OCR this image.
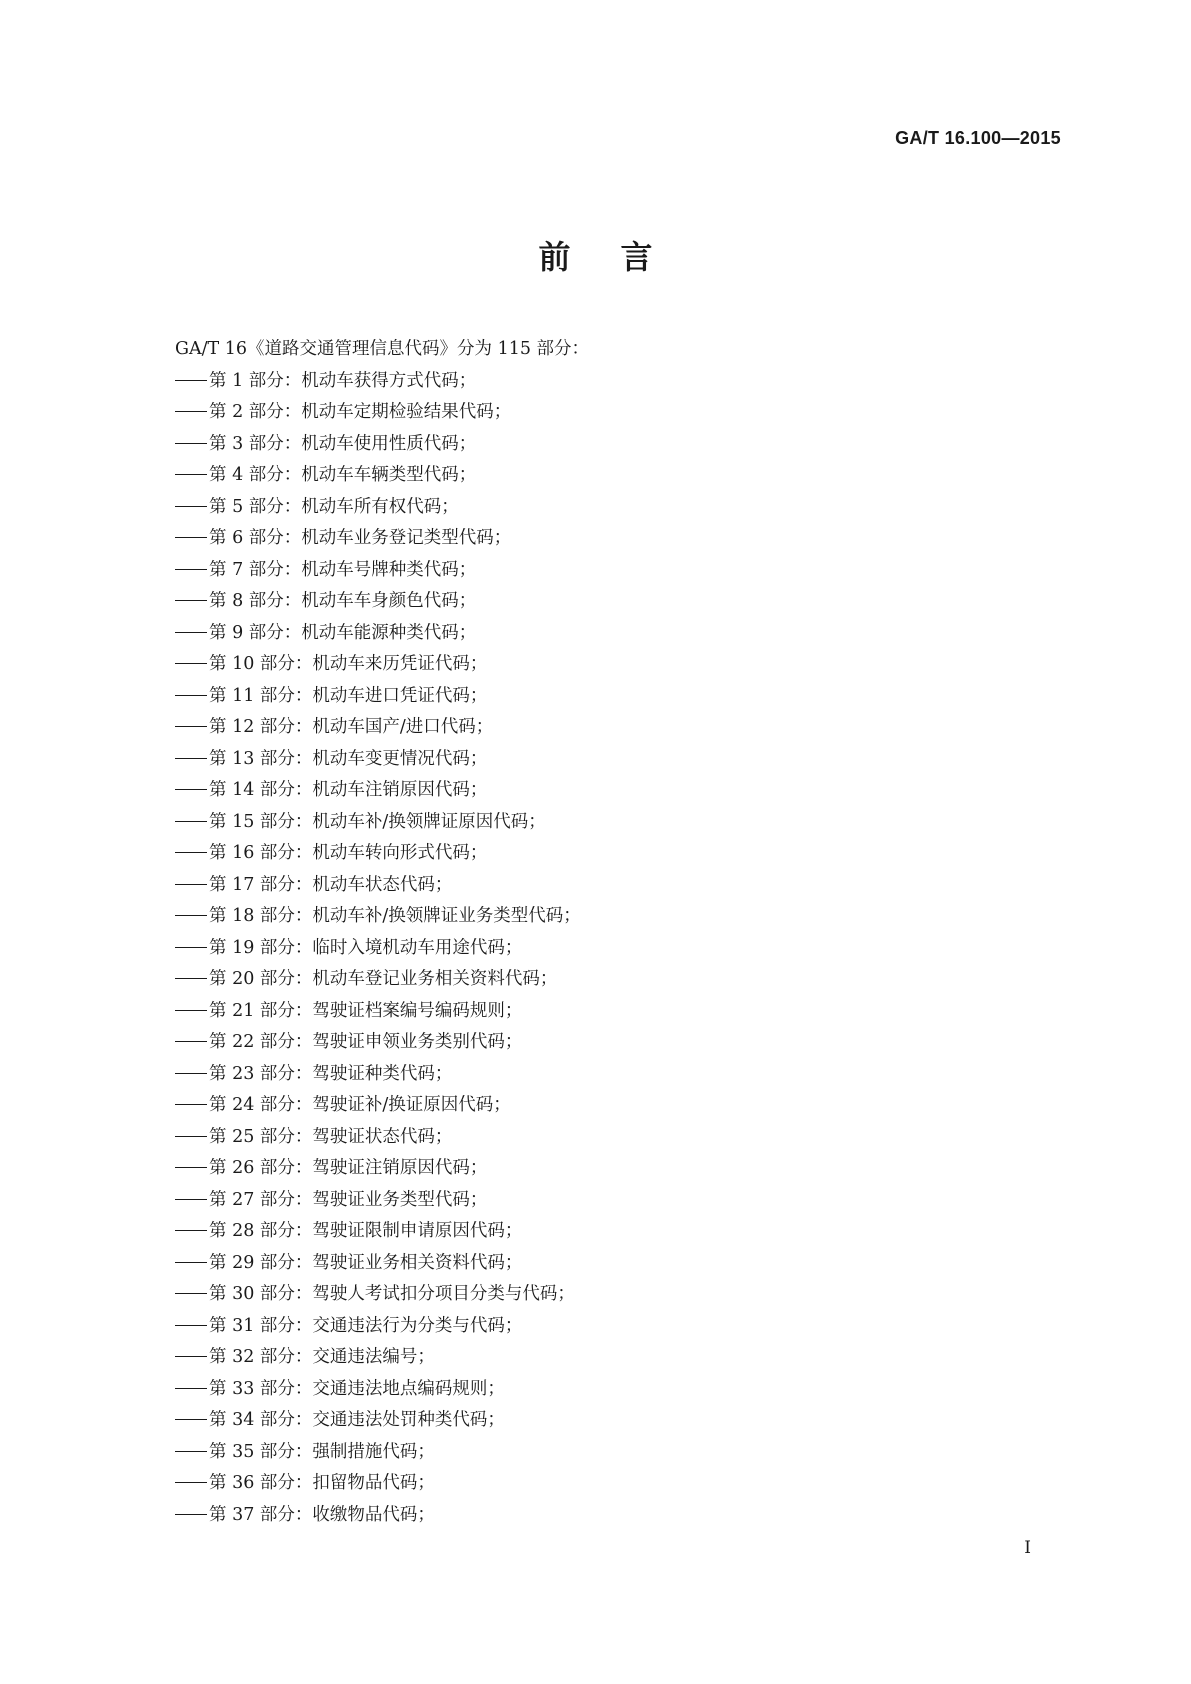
GA/T 16.100—2015
前言
GA/T 16《道路交通管理信息代码》分为 115 部分：
第 1 部分：机动车获得方式代码；
第 2 部分：机动车定期检验结果代码；
第 3 部分：机动车使用性质代码；
第 4 部分：机动车车辆类型代码；
第 5 部分：机动车所有权代码；
第 6 部分：机动车业务登记类型代码；
第 7 部分：机动车号牌种类代码；
第 8 部分：机动车车身颜色代码；
第 9 部分：机动车能源种类代码；
第 10 部分：机动车来历凭证代码；
第 11 部分：机动车进口凭证代码；
第 12 部分：机动车国产/进口代码；
第 13 部分：机动车变更情况代码；
第 14 部分：机动车注销原因代码；
第 15 部分：机动车补/换领牌证原因代码；
第 16 部分：机动车转向形式代码；
第 17 部分：机动车状态代码；
第 18 部分：机动车补/换领牌证业务类型代码；
第 19 部分：临时入境机动车用途代码；
第 20 部分：机动车登记业务相关资料代码；
第 21 部分：驾驶证档案编号编码规则；
第 22 部分：驾驶证申领业务类别代码；
第 23 部分：驾驶证种类代码；
第 24 部分：驾驶证补/换证原因代码；
第 25 部分：驾驶证状态代码；
第 26 部分：驾驶证注销原因代码；
第 27 部分：驾驶证业务类型代码；
第 28 部分：驾驶证限制申请原因代码；
第 29 部分：驾驶证业务相关资料代码；
第 30 部分：驾驶人考试扣分项目分类与代码；
第 31 部分：交通违法行为分类与代码；
第 32 部分：交通违法编号；
第 33 部分：交通违法地点编码规则；
第 34 部分：交通违法处罚种类代码；
第 35 部分：强制措施代码；
第 36 部分：扣留物品代码；
第 37 部分：收缴物品代码；
I
